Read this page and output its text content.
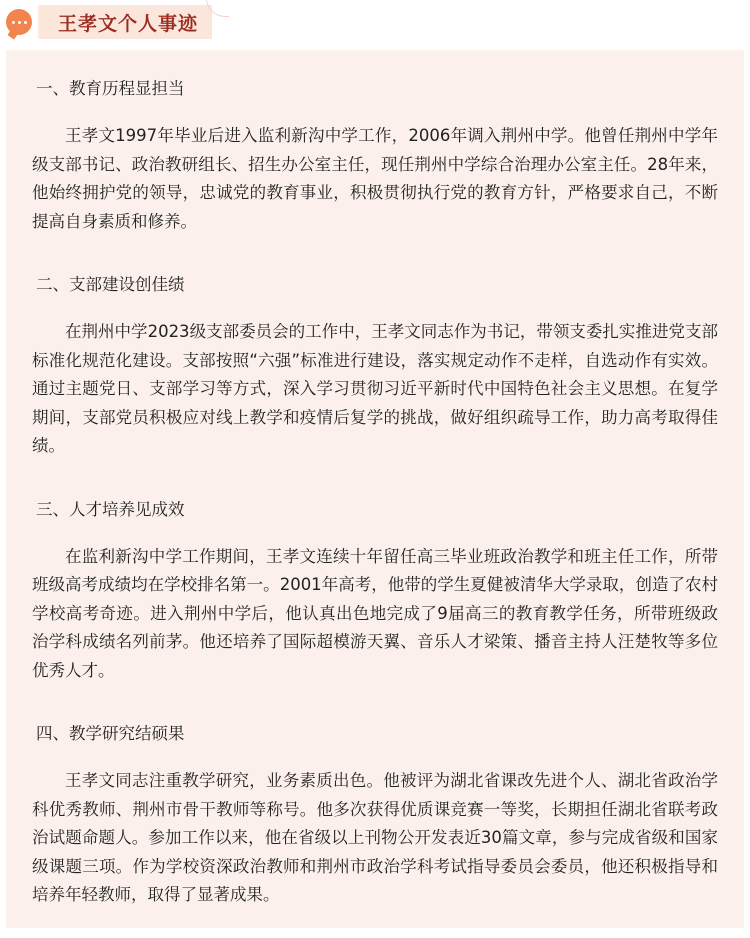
王孝文个人事迹

一、教育历程显担当

王孝文1997年毕业后进入监利新沟中学工作，2006年调入荆州中学。他曾任荆州中学年级支部书记、政治教研组长、招生办公室主任，现任荆州中学综合治理办公室主任。28年来，他始终拥护党的领导，忠诚党的教育事业，积极贯彻执行党的教育方针，严格要求自己，不断提高自身素质和修养。

二、支部建设创佳绩

在荆州中学2023级支部委员会的工作中，王孝文同志作为书记，带领支委扎实推进党支部标准化规范化建设。支部按照“六强”标准进行建设，落实规定动作不走样，自选动作有实效。通过主题党日、支部学习等方式，深入学习贯彻习近平新时代中国特色社会主义思想。在复学期间，支部党员积极应对线上教学和疫情后复学的挑战，做好组织疏导工作，助力高考取得佳绩。

三、人才培养见成效

在监利新沟中学工作期间，王孝文连续十年留任高三毕业班政治教学和班主任工作，所带班级高考成绩均在学校排名第一。2001年高考，他带的学生夏健被清华大学录取，创造了农村学校高考奇迹。进入荆州中学后，他认真出色地完成了9届高三的教育教学任务，所带班级政治学科成绩名列前茅。他还培养了国际超模游天翼、音乐人才梁策、播音主持人汪楚牧等多位优秀人才。

四、教学研究结硕果

王孝文同志注重教学研究，业务素质出色。他被评为湖北省课改先进个人、湖北省政治学科优秀教师、荆州市骨干教师等称号。他多次获得优质课竞赛一等奖，长期担任湖北省联考政治试题命题人。参加工作以来，他在省级以上刊物公开发表近30篇文章，参与完成省级和国家级课题三项。作为学校资深政治教师和荆州市政治学科考试指导委员会委员，他还积极指导和培养年轻教师，取得了显著成果。
